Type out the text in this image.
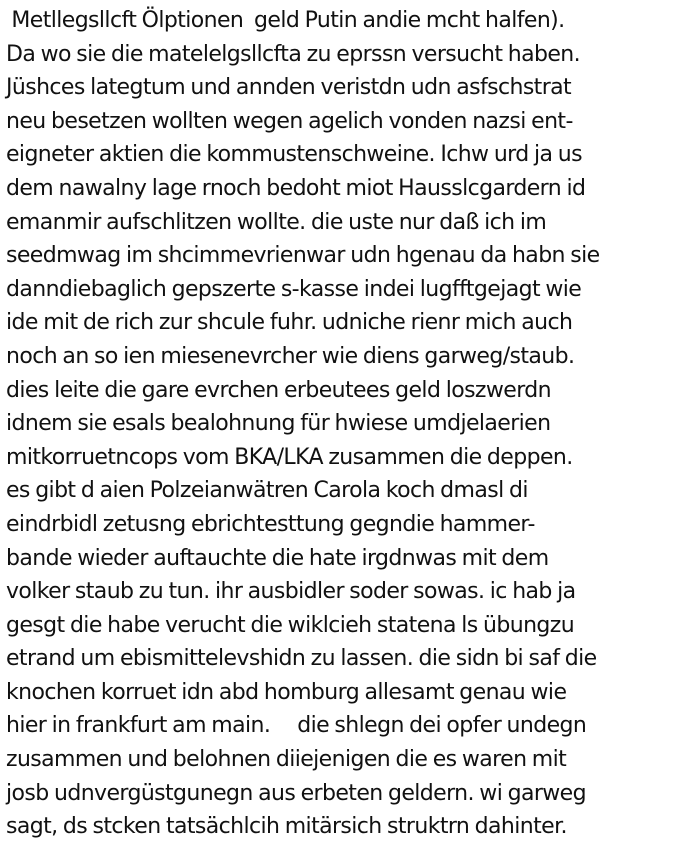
Metllegsllcft Ölptionen  geld Putin andie mcht halfen).
Da wo sie die matelelgsllcfta zu eprssn versucht haben.
Jüshces lategtum und annden veristdn udn asfschstrat
neu besetzen wollten wegen agelich vonden nazsi ent-
eigneter aktien die kommustenschweine. Ichw urd ja us
dem nawalny lage rnoch bedoht miot Hausslcgardern id
emanmir aufschlitzen wollte. die uste nur daß ich im
seedmwag im shcimmevrienwar udn hgenau da habn sie
danndiebaglich gepszerte s-kasse indei lugfftgejagt wie
ide mit de rich zur shcule fuhr. udniche rienr mich auch
noch an so ien miesenevrcher wie diens garweg/staub.
dies leite die gare evrchen erbeutees geld loszwerdn
idnem sie esals bealohnung für hwiese umdjelaerien
mitkorruetncops vom BKA/LKA zusammen die deppen.
es gibt d aien Polzeianwätren Carola koch dmasl di
eindrbidl zetusng ebrichtesttung gegndie hammer-
bande wieder auftauchte die hate irgdnwas mit dem
volker staub zu tun. ihr ausbidler soder sowas. ic hab ja
gesgt die habe verucht die wiklcieh statena ls übungzu
etrand um ebismittelevshidn zu lassen. die sidn bi saf die
knochen korruet idn abd homburg allesamt genau wie
hier in frankfurt am main.     die shlegn dei opfer undegn
zusammen und belohnen diiejenigen die es waren mit
josb udnvergüstgunegn aus erbeten geldern. wi garweg
sagt, ds stcken tatsächlcih mitärsich struktrn dahinter.
